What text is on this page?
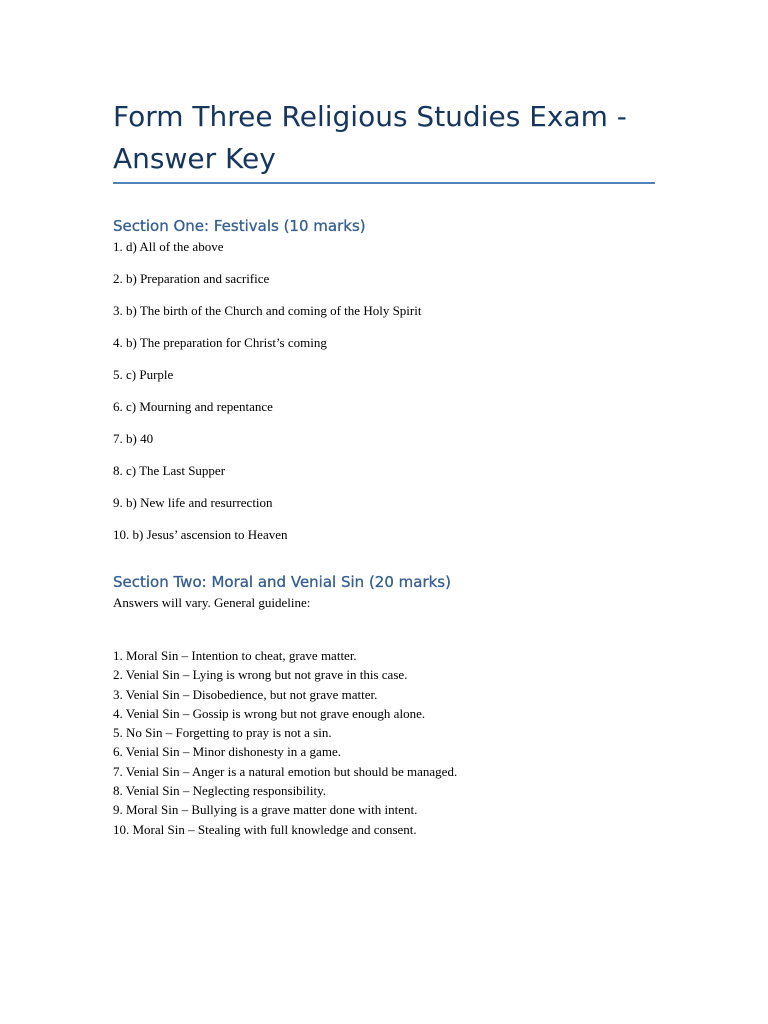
Form Three Religious Studies Exam - Answer Key
Section One: Festivals (10 marks)
1. d) All of the above
2. b) Preparation and sacrifice
3. b) The birth of the Church and coming of the Holy Spirit
4. b) The preparation for Christ’s coming
5. c) Purple
6. c) Mourning and repentance
7. b) 40
8. c) The Last Supper
9. b) New life and resurrection
10. b) Jesus’ ascension to Heaven
Section Two: Moral and Venial Sin (20 marks)

Answers will vary. General guideline:

1. Moral Sin – Intention to cheat, grave matter.
2. Venial Sin – Lying is wrong but not grave in this case.
3. Venial Sin – Disobedience, but not grave matter.
4. Venial Sin – Gossip is wrong but not grave enough alone.
5. No Sin – Forgetting to pray is not a sin.
6. Venial Sin – Minor dishonesty in a game.
7. Venial Sin – Anger is a natural emotion but should be managed.
8. Venial Sin – Neglecting responsibility.
9. Moral Sin – Bullying is a grave matter done with intent.
10. Moral Sin – Stealing with full knowledge and consent.
